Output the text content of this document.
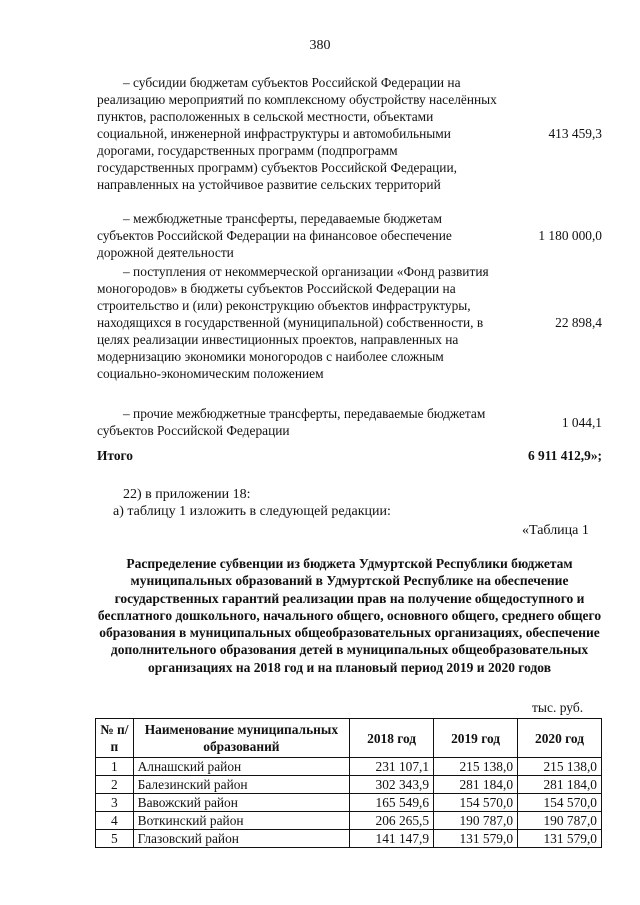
380
– субсидии бюджетам субъектов Российской Федерации на реализацию мероприятий по комплексному обустройству населённых пунктов, расположенных в сельской местности, объектами социальной, инженерной инфраструктуры и автомобильными дорогами, государственных программ (подпрограмм государственных программ) субъектов Российской Федерации, направленных на устойчивое развитие сельских территорий	413 459,3
– межбюджетные трансферты, передаваемые бюджетам субъектов Российской Федерации на финансовое обеспечение дорожной деятельности	1 180 000,0
– поступления от некоммерческой организации «Фонд развития моногородов» в бюджеты субъектов Российской Федерации на строительство и (или) реконструкцию объектов инфраструктуры, находящихся в государственной (муниципальной) собственности, в целях реализации инвестиционных проектов, направленных на модернизацию экономики моногородов с наиболее сложным социально-экономическим положением	22 898,4
– прочие межбюджетные трансферты, передаваемые бюджетам субъектов Российской Федерации	1 044,1
Итого	6 911 412,9»;
22) в приложении 18:
а) таблицу 1 изложить в следующей редакции:
«Таблица 1
Распределение субвенции из бюджета Удмуртской Республики бюджетам муниципальных образований в Удмуртской Республике на обеспечение государственных гарантий реализации прав на получение общедоступного и бесплатного дошкольного, начального общего, основного общего, среднего общего образования в муниципальных общеобразовательных организациях, обеспечение дополнительного образования детей в муниципальных общеобразовательных организациях на 2018 год и на плановый период 2019 и 2020 годов
тыс. руб.
№ п/п	Наименование муниципальных образований	2018 год	2019 год	2020 год
1	Алнашский район	231 107,1	215 138,0	215 138,0
2	Балезинский район	302 343,9	281 184,0	281 184,0
3	Вавожский район	165 549,6	154 570,0	154 570,0
4	Воткинский район	206 265,5	190 787,0	190 787,0
5	Глазовский район	141 147,9	131 579,0	131 579,0
